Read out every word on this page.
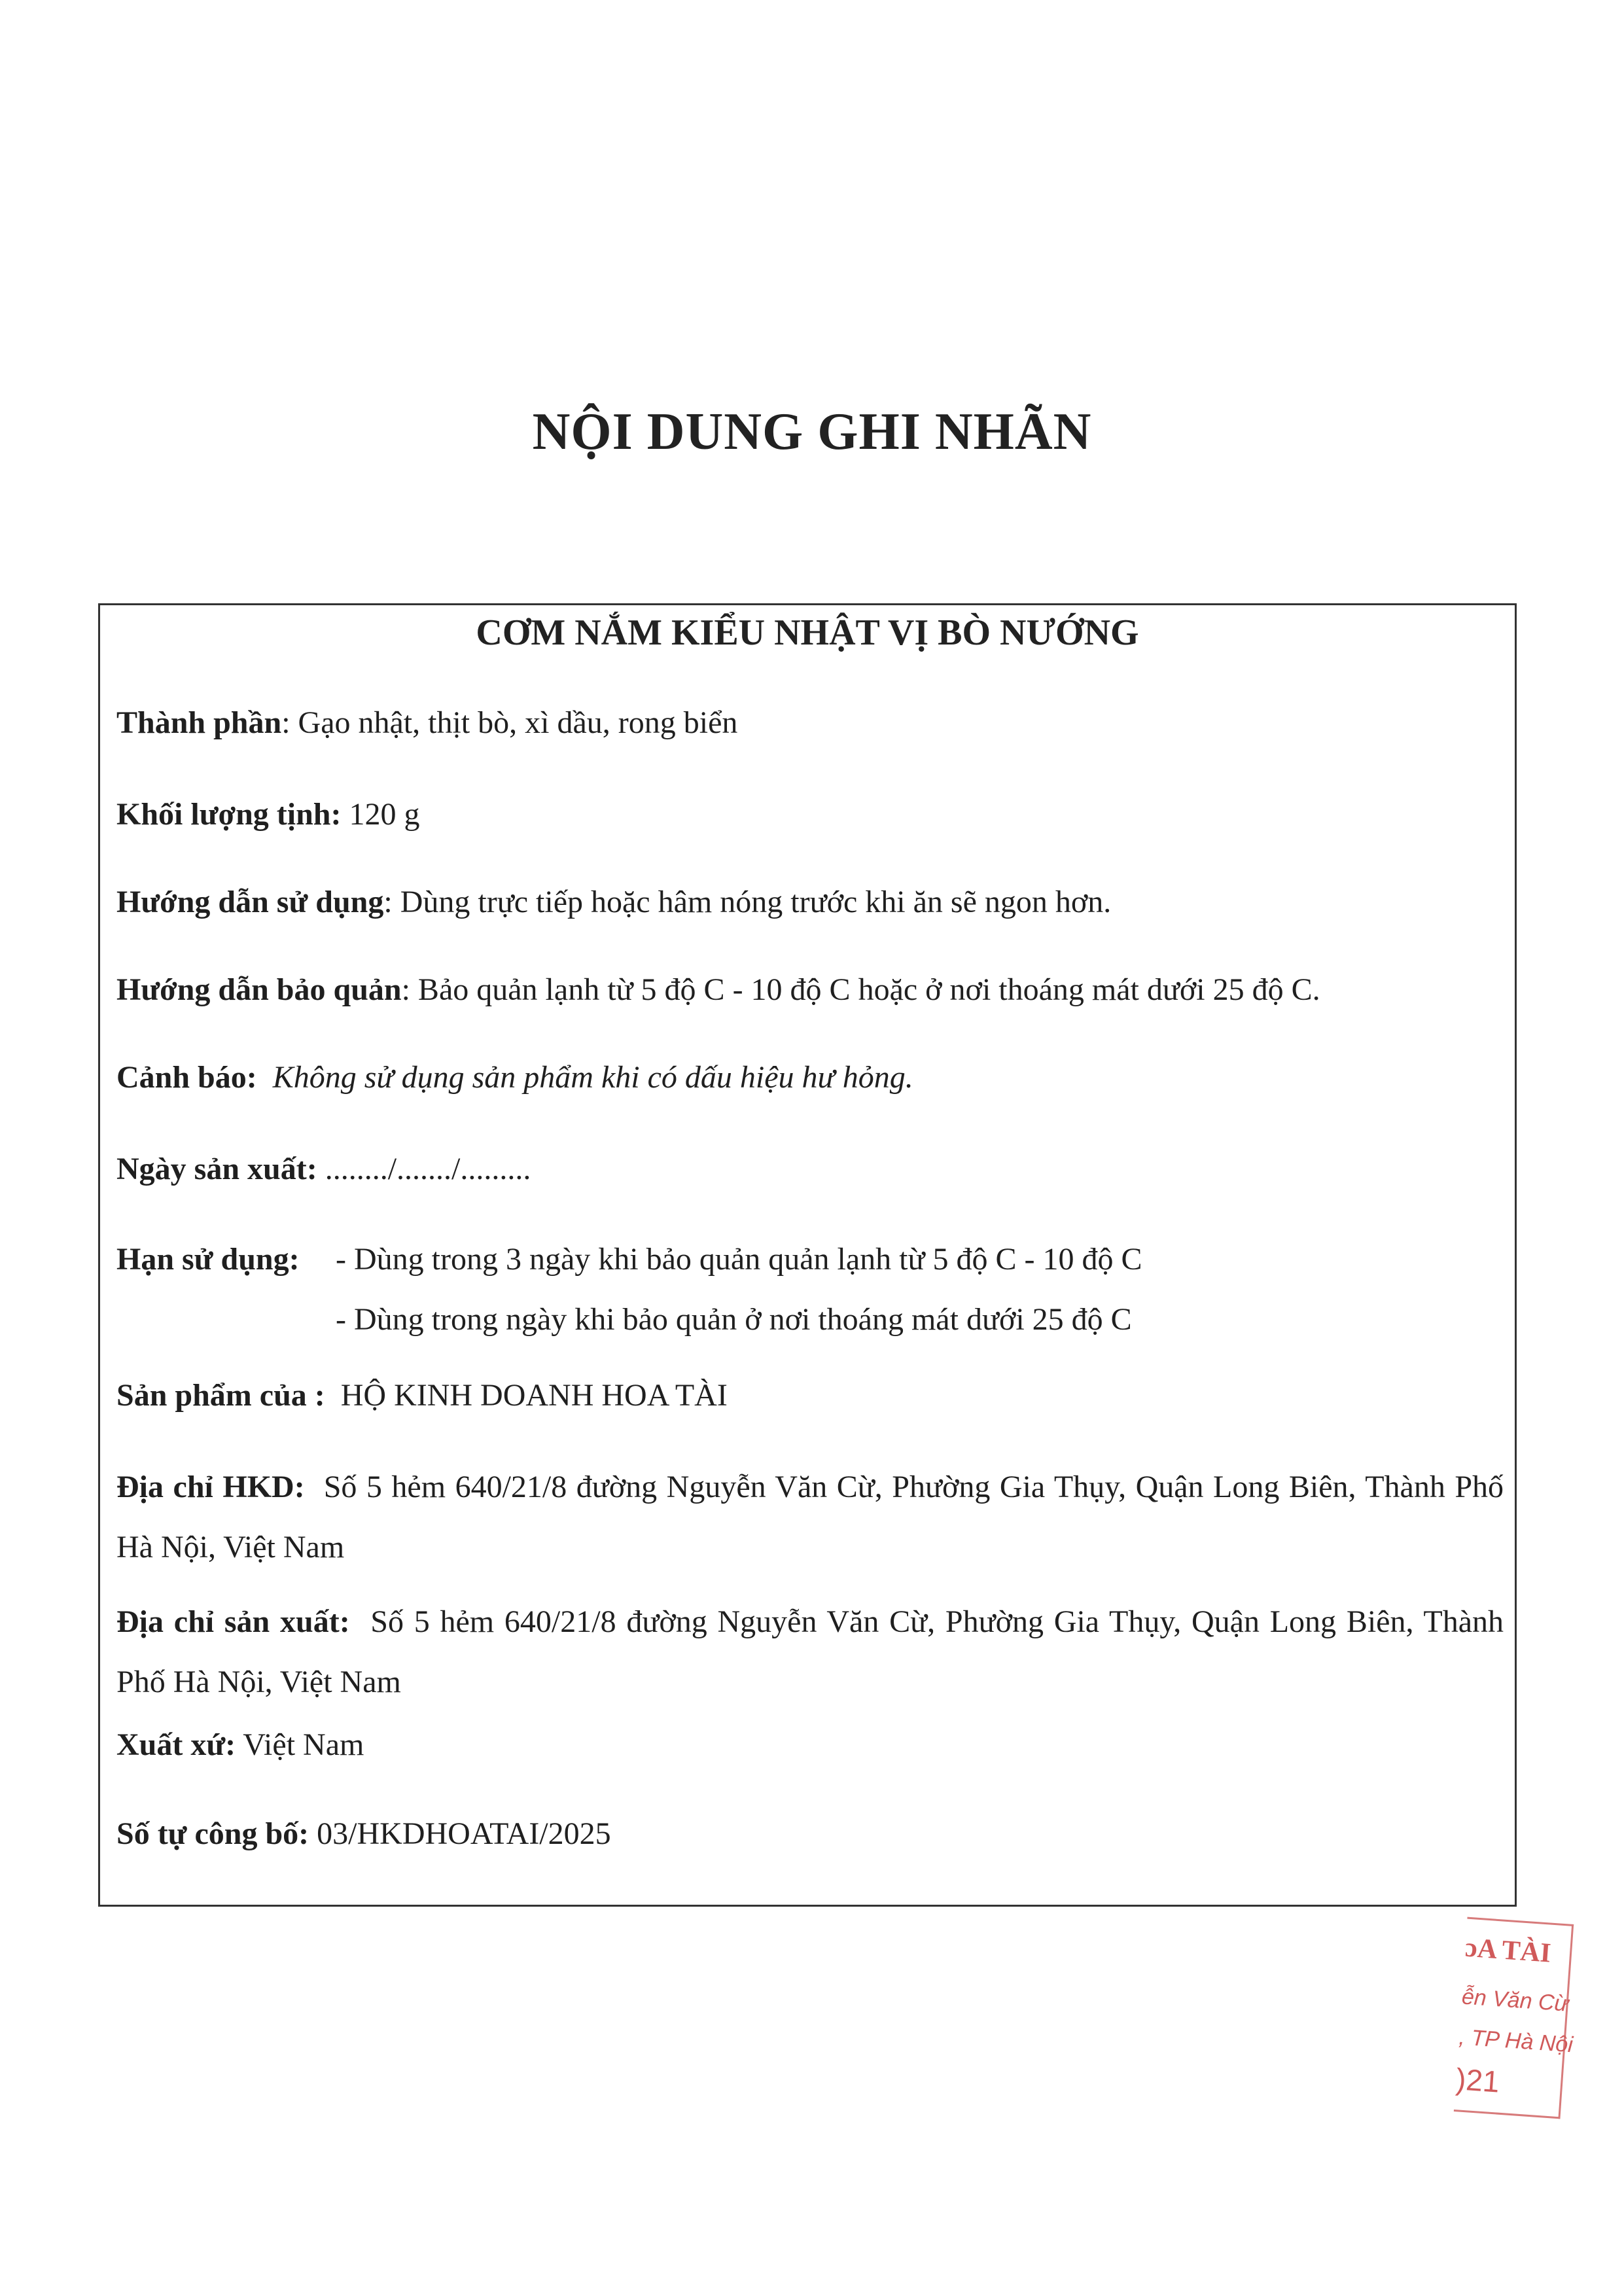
NỘI DUNG GHI NHÃN
CƠM NẮM KIỂU NHẬT VỊ BÒ NƯỚNG
Thành phần: Gạo nhật, thịt bò, xì dầu, rong biển
Khối lượng tịnh: 120 g
Hướng dẫn sử dụng: Dùng trực tiếp hoặc hâm nóng trước khi ăn sẽ ngon hơn.
Hướng dẫn bảo quản: Bảo quản lạnh từ 5 độ C - 10 độ C hoặc ở nơi thoáng mát dưới 25 độ C.
Cảnh báo: Không sử dụng sản phẩm khi có dấu hiệu hư hỏng.
Ngày sản xuất: ......../......./.........
Hạn sử dụng: - Dùng trong 3 ngày khi bảo quản quản lạnh từ 5 độ C - 10 độ C
- Dùng trong ngày khi bảo quản ở nơi thoáng mát dưới 25 độ C
Sản phẩm của : HỘ KINH DOANH HOA TÀI
Địa chỉ HKD: Số 5 hẻm 640/21/8 đường Nguyễn Văn Cừ, Phường Gia Thụy, Quận Long Biên, Thành Phố Hà Nội, Việt Nam
Địa chỉ sản xuất: Số 5 hẻm 640/21/8 đường Nguyễn Văn Cừ, Phường Gia Thụy, Quận Long Biên, Thành Phố Hà Nội, Việt Nam
Xuất xứ: Việt Nam
Số tự công bố: 03/HKDHOATAI/2025
ɔA TÀI
ễn Văn Cừ
, TP Hà Nội
)21
